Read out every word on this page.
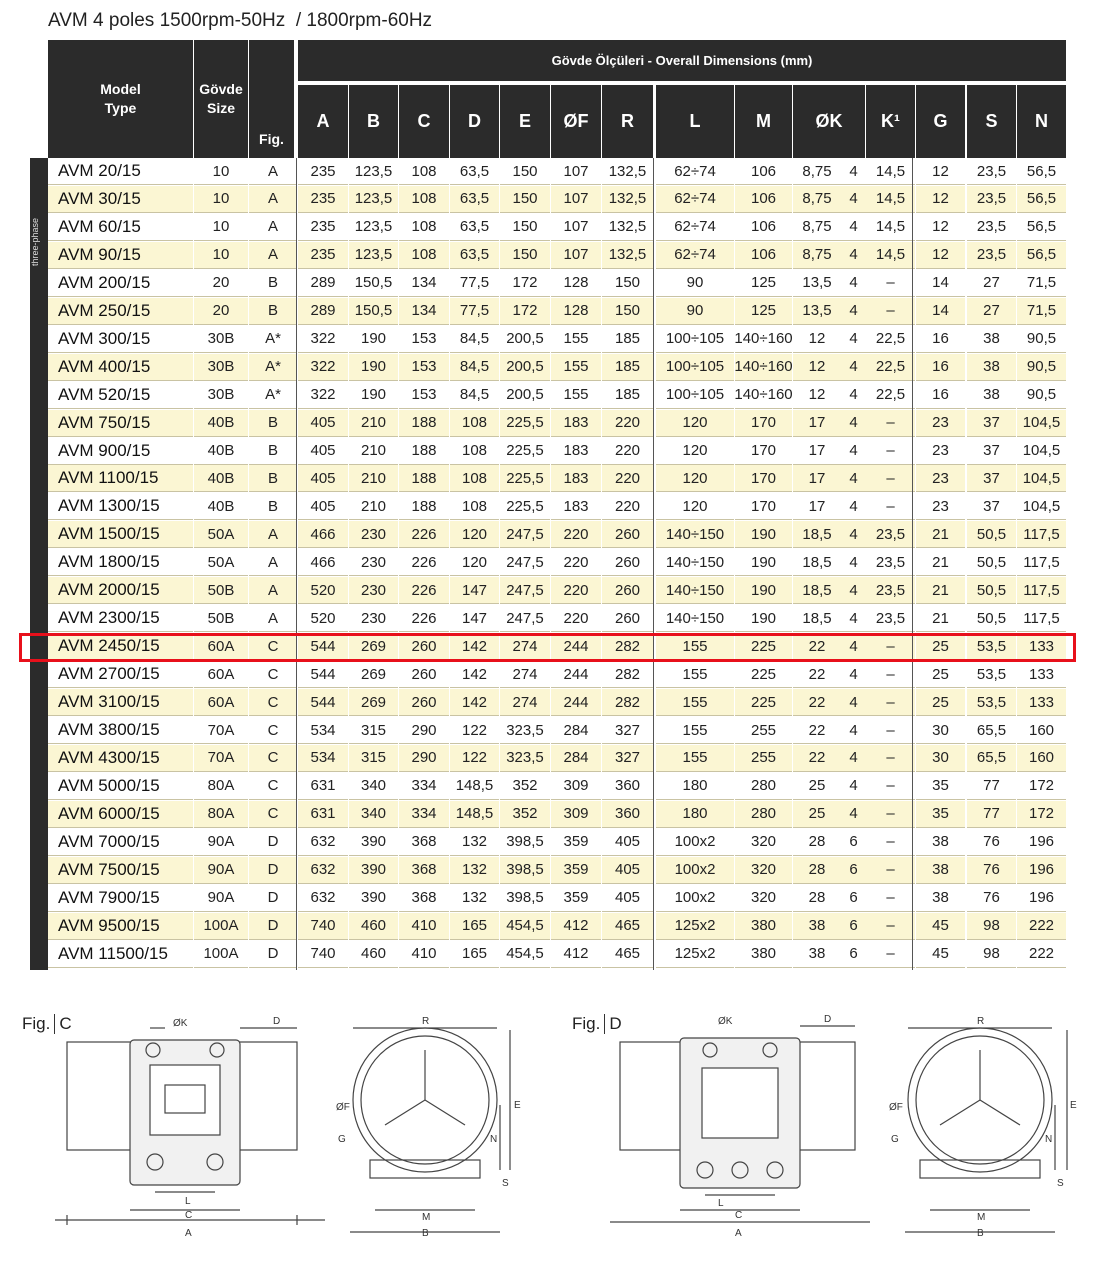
AVM 4 poles 1500rpm-50Hz  / 1800rpm-60Hz
three-phase
Model
Type
Gövde
Size
Fig.
Gövde Ölçüleri - Overall Dimensions (mm)
A	B	C	D	E	ØF	R	L	M	ØK	K¹	G	S	N
AVM 20/15	10	A	235	123,5	108	63,5	150	107	132,5	62÷74	106	8,75	4	14,5	12	23,5	56,5
AVM 30/15	10	A	235	123,5	108	63,5	150	107	132,5	62÷74	106	8,75	4	14,5	12	23,5	56,5
AVM 60/15	10	A	235	123,5	108	63,5	150	107	132,5	62÷74	106	8,75	4	14,5	12	23,5	56,5
AVM 90/15	10	A	235	123,5	108	63,5	150	107	132,5	62÷74	106	8,75	4	14,5	12	23,5	56,5
AVM 200/15	20	B	289	150,5	134	77,5	172	128	150	90	125	13,5	4	–	14	27	71,5
AVM 250/15	20	B	289	150,5	134	77,5	172	128	150	90	125	13,5	4	–	14	27	71,5
AVM 300/15	30B	A*	322	190	153	84,5	200,5	155	185	100÷105 140÷160	12	4	22,5	16	38	90,5
AVM 400/15	30B	A*	322	190	153	84,5	200,5	155	185	100÷105 140÷160	12	4	22,5	16	38	90,5
AVM 520/15	30B	A*	322	190	153	84,5	200,5	155	185	100÷105 140÷160	12	4	22,5	16	38	90,5
AVM 750/15	40B	B	405	210	188	108	225,5	183	220	120	170	17	4	–	23	37	104,5
AVM 900/15	40B	B	405	210	188	108	225,5	183	220	120	170	17	4	–	23	37	104,5
AVM 1100/15	40B	B	405	210	188	108	225,5	183	220	120	170	17	4	–	23	37	104,5
AVM 1300/15	40B	B	405	210	188	108	225,5	183	220	120	170	17	4	–	23	37	104,5
AVM 1500/15	50A	A	466	230	226	120	247,5	220	260	140÷150	190	18,5	4	23,5	21	50,5	117,5
AVM 1800/15	50A	A	466	230	226	120	247,5	220	260	140÷150	190	18,5	4	23,5	21	50,5	117,5
AVM 2000/15	50B	A	520	230	226	147	247,5	220	260	140÷150	190	18,5	4	23,5	21	50,5	117,5
AVM 2300/15	50B	A	520	230	226	147	247,5	220	260	140÷150	190	18,5	4	23,5	21	50,5	117,5
AVM 2450/15	60A	C	544	269	260	142	274	244	282	155	225	22	4	–	25	53,5	133
AVM 2700/15	60A	C	544	269	260	142	274	244	282	155	225	22	4	–	25	53,5	133
AVM 3100/15	60A	C	544	269	260	142	274	244	282	155	225	22	4	–	25	53,5	133
AVM 3800/15	70A	C	534	315	290	122	323,5	284	327	155	255	22	4	–	30	65,5	160
AVM 4300/15	70A	C	534	315	290	122	323,5	284	327	155	255	22	4	–	30	65,5	160
AVM 5000/15	80A	C	631	340	334	148,5	352	309	360	180	280	25	4	–	35	77	172
AVM 6000/15	80A	C	631	340	334	148,5	352	309	360	180	280	25	4	–	35	77	172
AVM 7000/15	90A	D	632	390	368	132	398,5	359	405	100x2	320	28	6	–	38	76	196
AVM 7500/15	90A	D	632	390	368	132	398,5	359	405	100x2	320	28	6	–	38	76	196
AVM 7900/15	90A	D	632	390	368	132	398,5	359	405	100x2	320	28	6	–	38	76	196
AVM 9500/15	100A	D	740	460	410	165	454,5	412	465	125x2	380	38	6	–	45	98	222
AVM 11500/15	100A	D	740	460	410	165	454,5	412	465	125x2	380	38	6	–	45	98	222
Fig. C	ØK	D
L
C
A
R
ØF	E
N
G
S
M
B
Fig. D	ØK	D
L
C
A
R
ØF	E
N
G
S
M
B
